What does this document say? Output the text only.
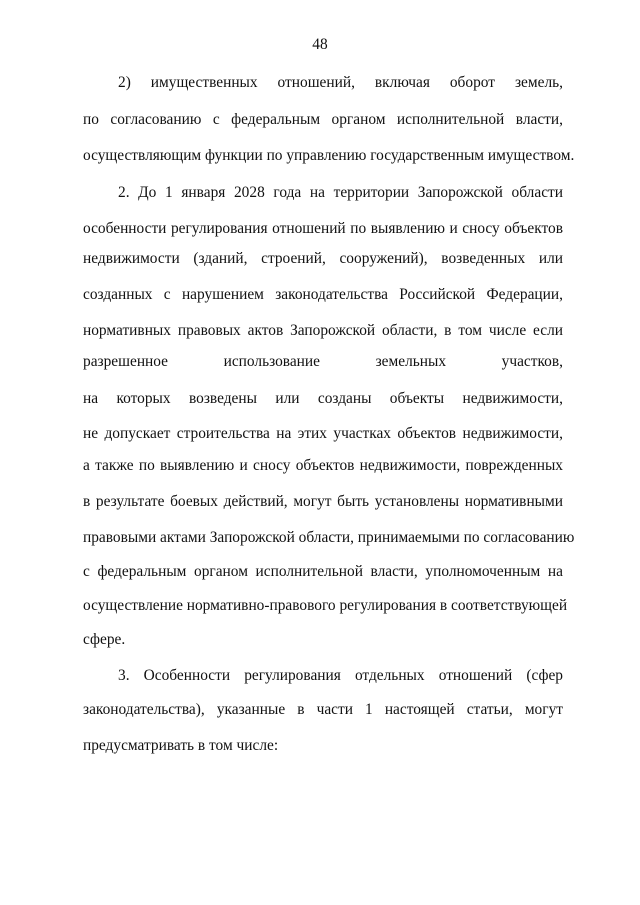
48
2) имущественных отношений, включая оборот земель,
по согласованию с федеральным органом исполнительной власти,
осуществляющим функции по управлению государственным имуществом.
2. До 1 января 2028 года на территории Запорожской области
особенности регулирования отношений по выявлению и сносу объектов
недвижимости (зданий, строений, сооружений), возведенных или
созданных с нарушением законодательства Российской Федерации,
нормативных правовых актов Запорожской области, в том числе если
разрешенное использование земельных участков,
на которых возведены или созданы объекты недвижимости,
не допускает строительства на этих участках объектов недвижимости,
а также по выявлению и сносу объектов недвижимости, поврежденных
в результате боевых действий, могут быть установлены нормативными
правовыми актами Запорожской области, принимаемыми по согласованию
с федеральным органом исполнительной власти, уполномоченным на
осуществление нормативно-правового регулирования в соответствующей
сфере.
3. Особенности регулирования отдельных отношений (сфер
законодательства), указанные в части 1 настоящей статьи, могут
предусматривать в том числе:
